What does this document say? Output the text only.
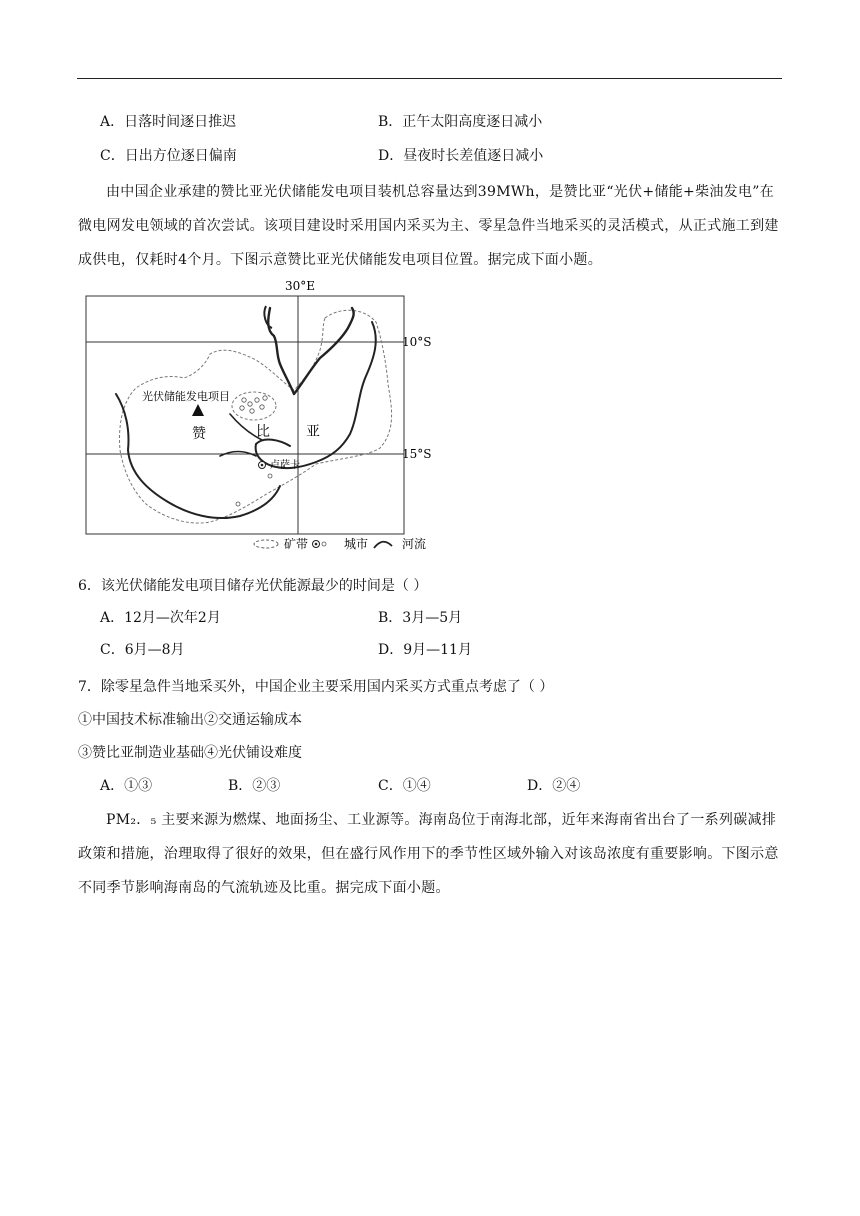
A．日落时间逐日推迟	B．正午太阳高度逐日减小
C．日出方位逐日偏南	D．昼夜时长差值逐日减小
由中国企业承建的赞比亚光伏储能发电项目装机总容量达到39MWh，是赞比亚“光伏+储能+柴油发电”在微电网发电领域的首次尝试。该项目建设时采用国内采买为主、零星急件当地采买的灵活模式，从正式施工到建成供电，仅耗时4个月。下图示意赞比亚光伏储能发电项目位置。据完成下面小题。
30°E
10°S
15°S
光伏储能发电项目
赞	比	亚
卢萨卡
矿带	城市	河流
6．该光伏储能发电项目储存光伏能源最少的时间是（ ）
A．12月—次年2月	B．3月—5月
C．6月—8月	D．9月—11月
7．除零星急件当地采买外，中国企业主要采用国内采买方式重点考虑了（ ）
①中国技术标准输出②交通运输成本
③赞比亚制造业基础④光伏铺设难度
A．①③	B．②③	C．①④	D．②④
PM₂．₅ 主要来源为燃煤、地面扬尘、工业源等。海南岛位于南海北部，近年来海南省出台了一系列碳减排政策和措施，治理取得了很好的效果，但在盛行风作用下的季节性区域外输入对该岛浓度有重要影响。下图示意不同季节影响海南岛的气流轨迹及比重。据完成下面小题。
